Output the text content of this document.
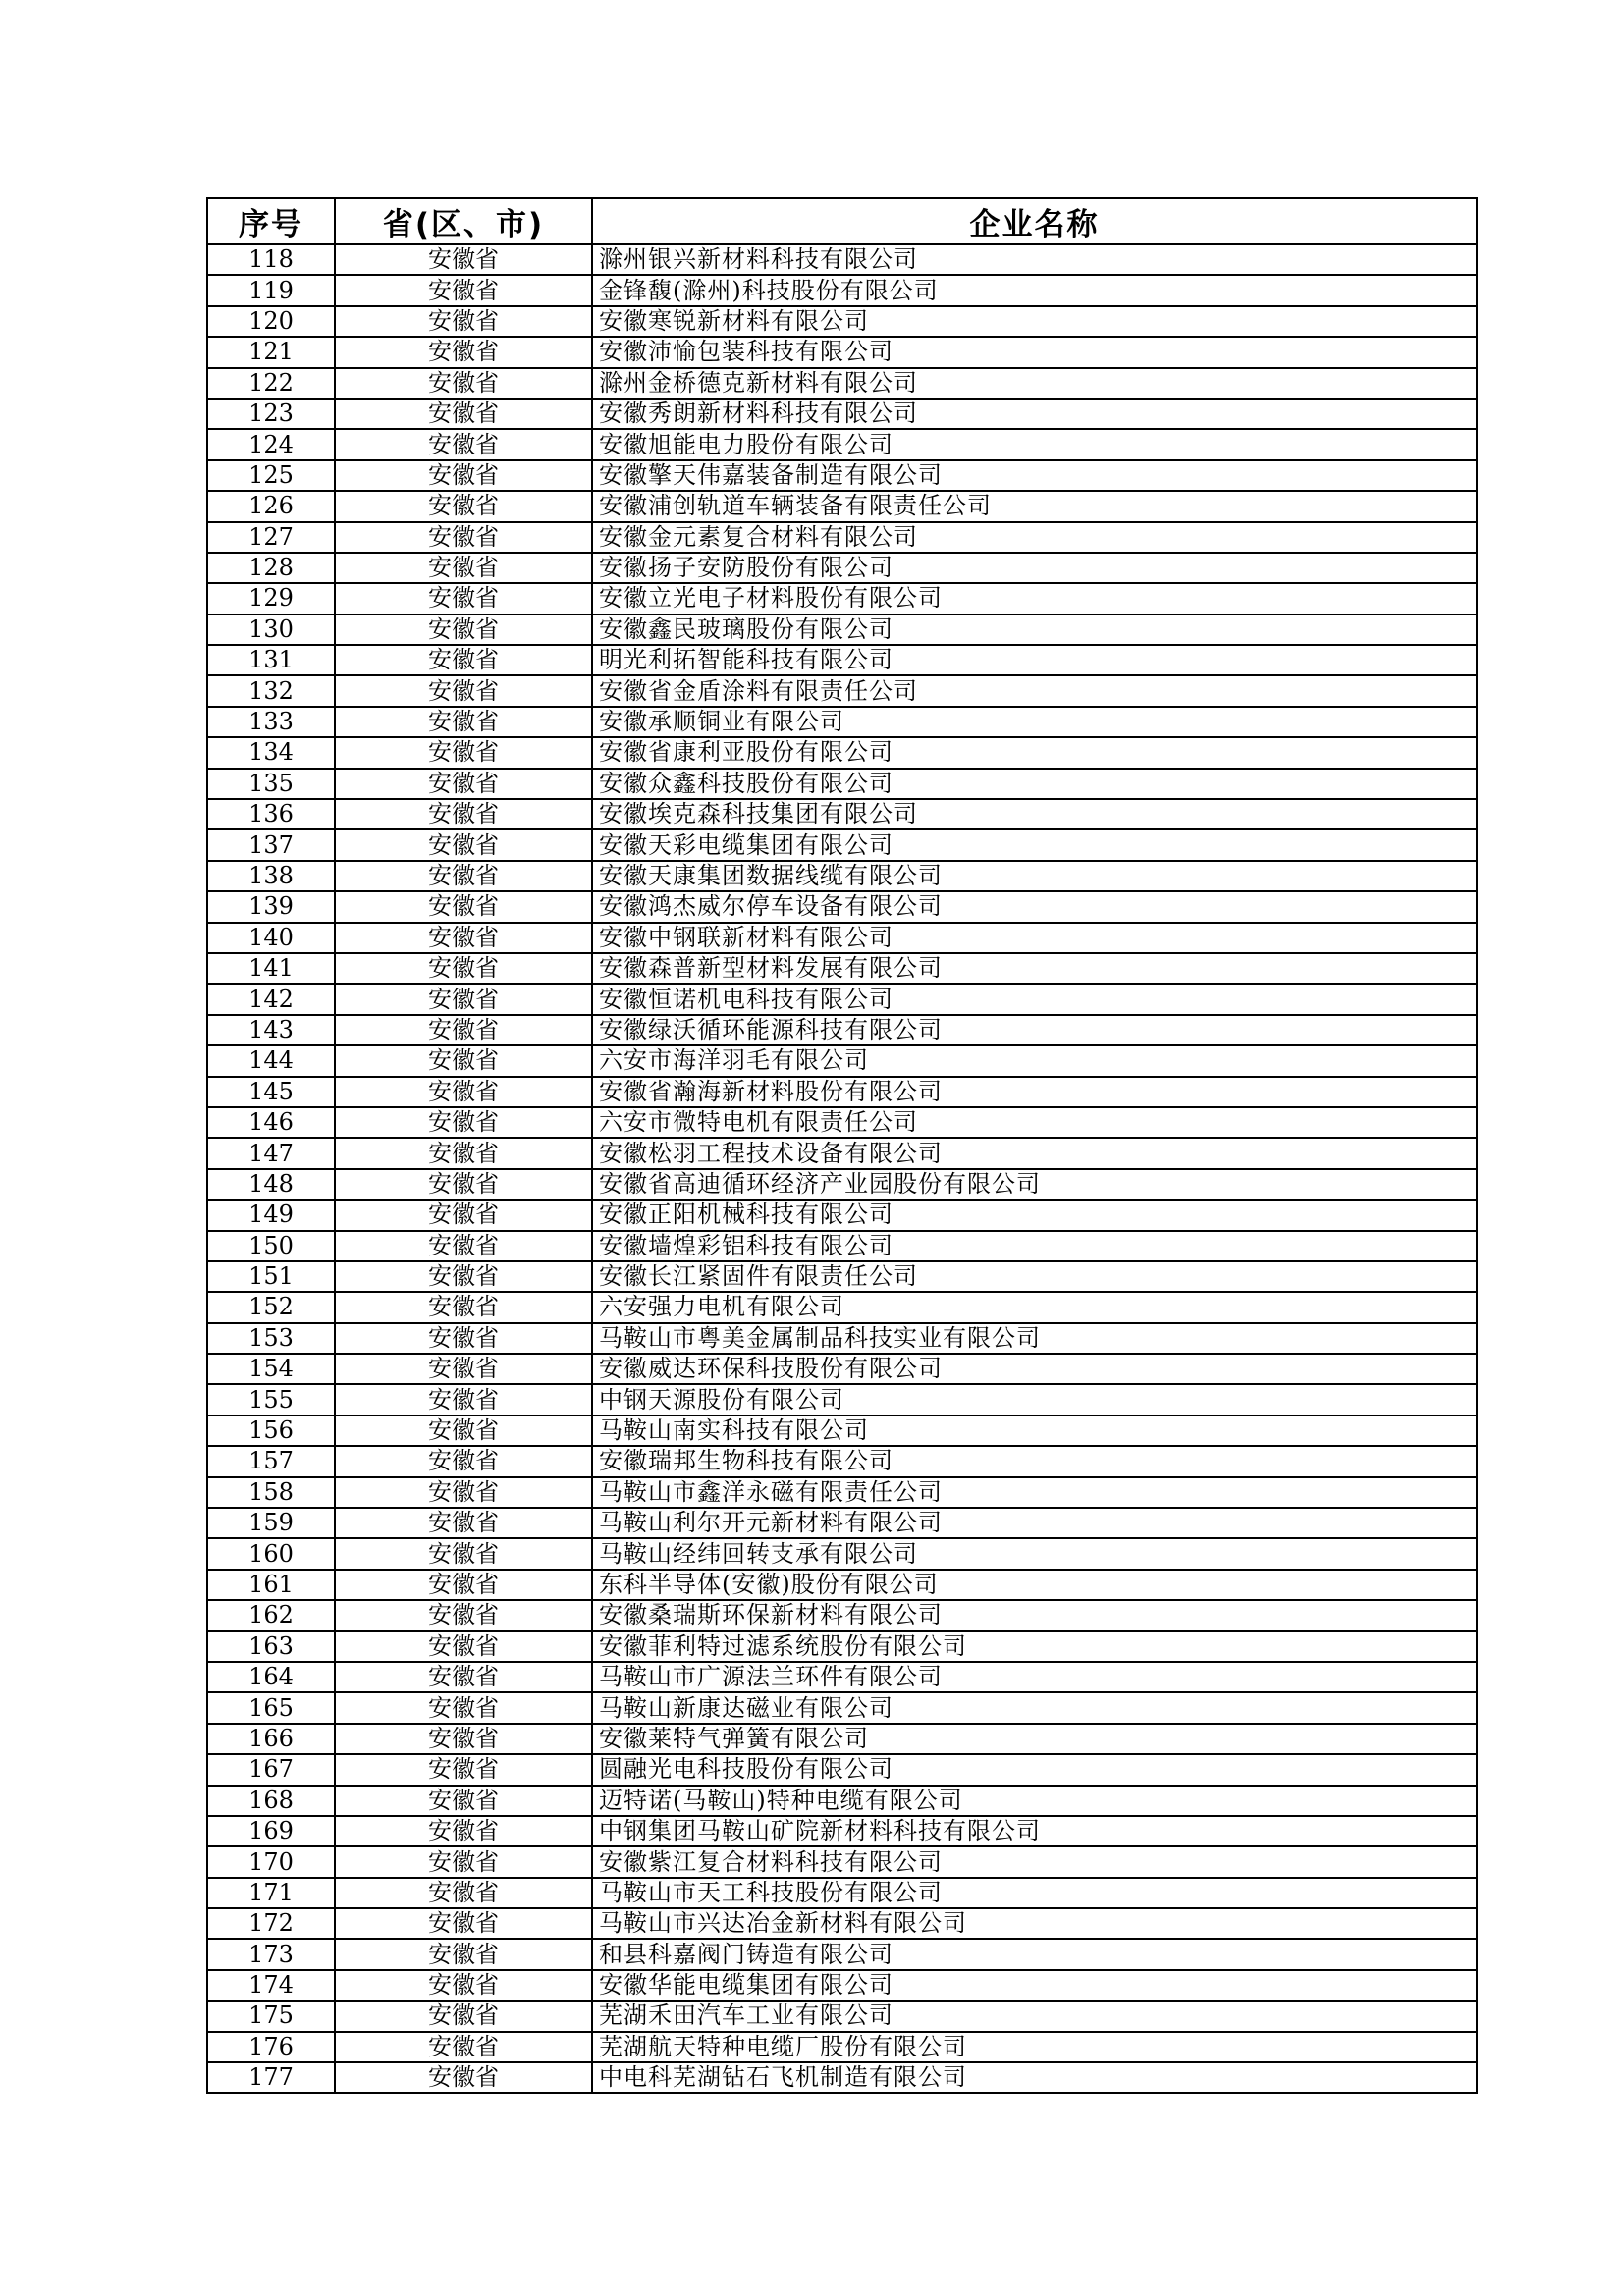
序号	省(区、市)	企业名称
118	安徽省	滁州银兴新材料科技有限公司
119	安徽省	金锋馥(滁州)科技股份有限公司
120	安徽省	安徽寒锐新材料有限公司
121	安徽省	安徽沛愉包装科技有限公司
122	安徽省	滁州金桥德克新材料有限公司
123	安徽省	安徽秀朗新材料科技有限公司
124	安徽省	安徽旭能电力股份有限公司
125	安徽省	安徽擎天伟嘉装备制造有限公司
126	安徽省	安徽浦创轨道车辆装备有限责任公司
127	安徽省	安徽金元素复合材料有限公司
128	安徽省	安徽扬子安防股份有限公司
129	安徽省	安徽立光电子材料股份有限公司
130	安徽省	安徽鑫民玻璃股份有限公司
131	安徽省	明光利拓智能科技有限公司
132	安徽省	安徽省金盾涂料有限责任公司
133	安徽省	安徽承顺铜业有限公司
134	安徽省	安徽省康利亚股份有限公司
135	安徽省	安徽众鑫科技股份有限公司
136	安徽省	安徽埃克森科技集团有限公司
137	安徽省	安徽天彩电缆集团有限公司
138	安徽省	安徽天康集团数据线缆有限公司
139	安徽省	安徽鸿杰威尔停车设备有限公司
140	安徽省	安徽中钢联新材料有限公司
141	安徽省	安徽森普新型材料发展有限公司
142	安徽省	安徽恒诺机电科技有限公司
143	安徽省	安徽绿沃循环能源科技有限公司
144	安徽省	六安市海洋羽毛有限公司
145	安徽省	安徽省瀚海新材料股份有限公司
146	安徽省	六安市微特电机有限责任公司
147	安徽省	安徽松羽工程技术设备有限公司
148	安徽省	安徽省高迪循环经济产业园股份有限公司
149	安徽省	安徽正阳机械科技有限公司
150	安徽省	安徽墙煌彩铝科技有限公司
151	安徽省	安徽长江紧固件有限责任公司
152	安徽省	六安强力电机有限公司
153	安徽省	马鞍山市粤美金属制品科技实业有限公司
154	安徽省	安徽威达环保科技股份有限公司
155	安徽省	中钢天源股份有限公司
156	安徽省	马鞍山南实科技有限公司
157	安徽省	安徽瑞邦生物科技有限公司
158	安徽省	马鞍山市鑫洋永磁有限责任公司
159	安徽省	马鞍山利尔开元新材料有限公司
160	安徽省	马鞍山经纬回转支承有限公司
161	安徽省	东科半导体(安徽)股份有限公司
162	安徽省	安徽桑瑞斯环保新材料有限公司
163	安徽省	安徽菲利特过滤系统股份有限公司
164	安徽省	马鞍山市广源法兰环件有限公司
165	安徽省	马鞍山新康达磁业有限公司
166	安徽省	安徽莱特气弹簧有限公司
167	安徽省	圆融光电科技股份有限公司
168	安徽省	迈特诺(马鞍山)特种电缆有限公司
169	安徽省	中钢集团马鞍山矿院新材料科技有限公司
170	安徽省	安徽紫江复合材料科技有限公司
171	安徽省	马鞍山市天工科技股份有限公司
172	安徽省	马鞍山市兴达冶金新材料有限公司
173	安徽省	和县科嘉阀门铸造有限公司
174	安徽省	安徽华能电缆集团有限公司
175	安徽省	芜湖禾田汽车工业有限公司
176	安徽省	芜湖航天特种电缆厂股份有限公司
177	安徽省	中电科芜湖钻石飞机制造有限公司
